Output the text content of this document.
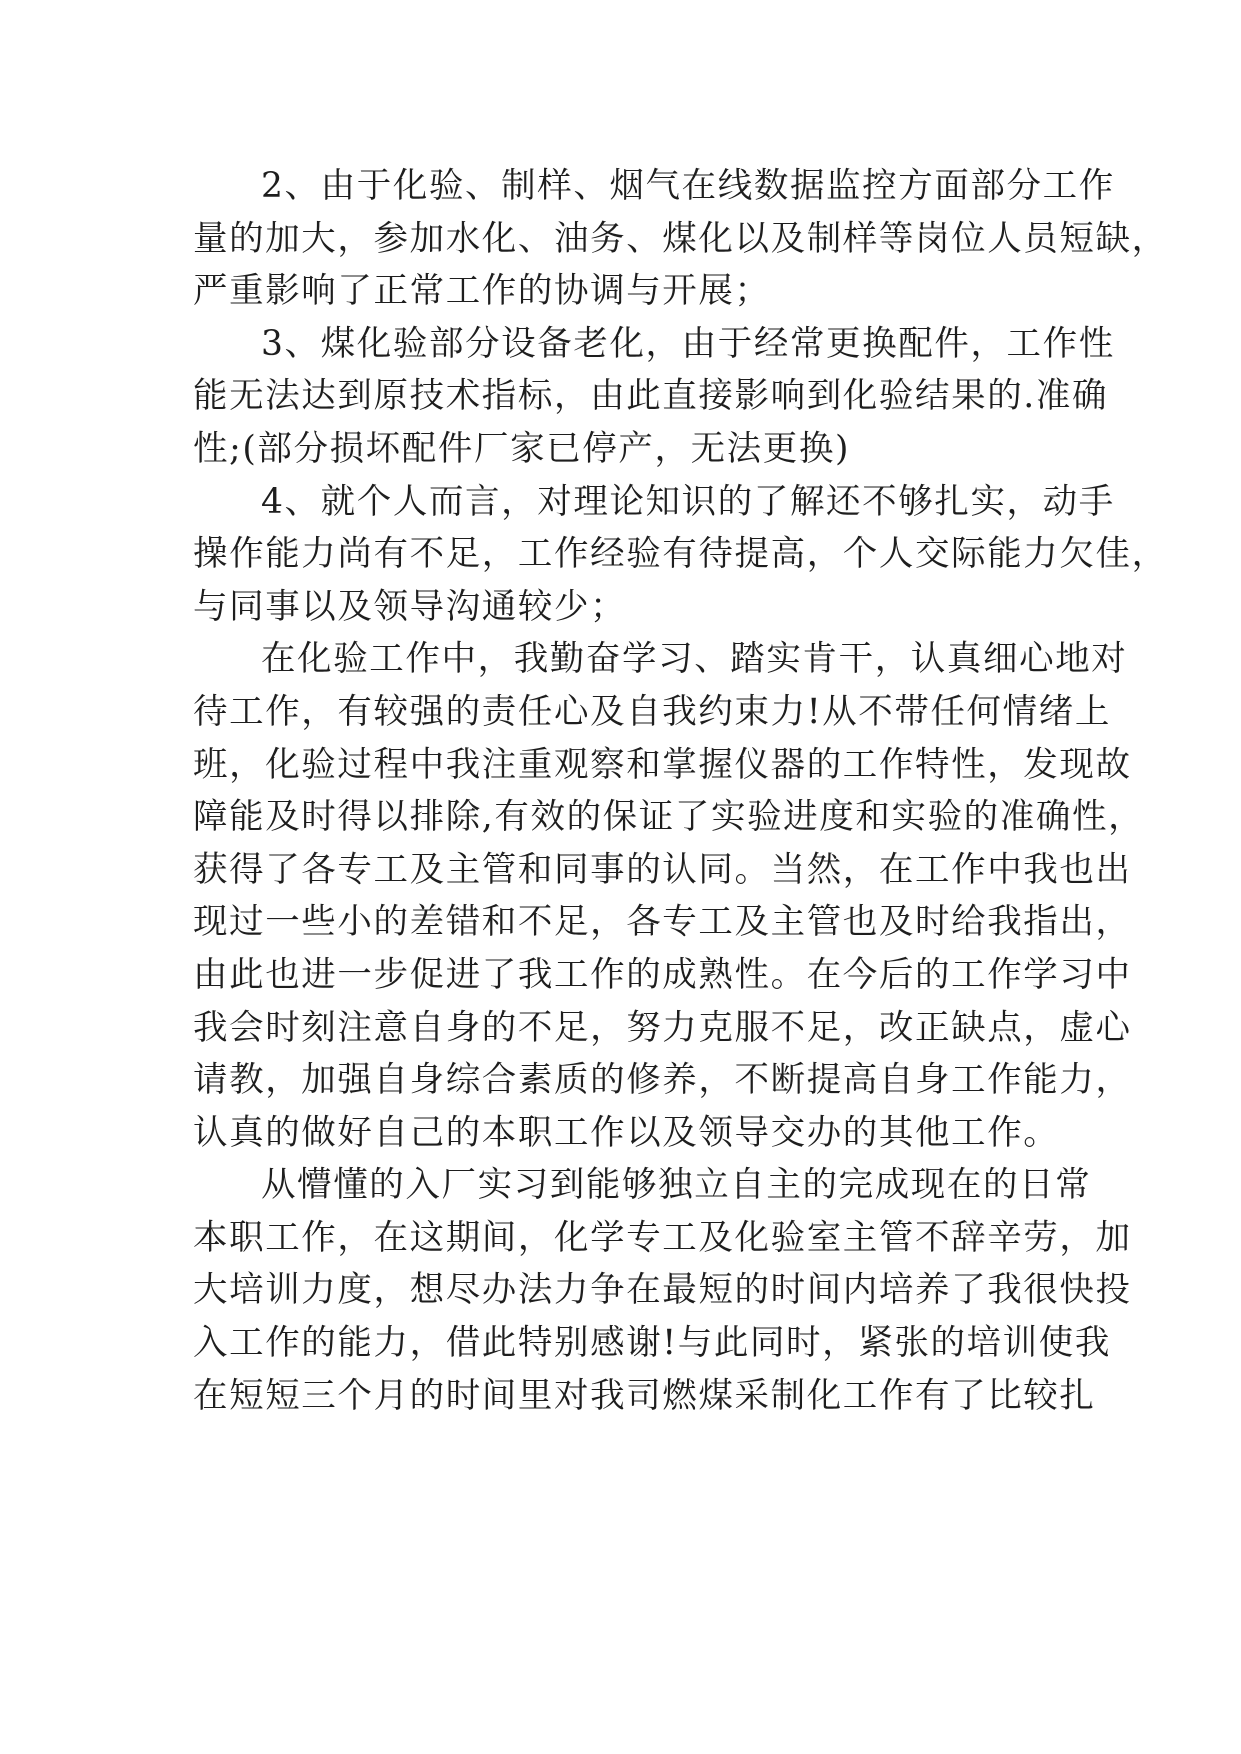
2、由于化验、制样、烟气在线数据监控方面部分工作
量的加大，参加水化、油务、煤化以及制样等岗位人员短缺，
严重影响了正常工作的协调与开展；

3、煤化验部分设备老化，由于经常更换配件，工作性
能无法达到原技术指标，由此直接影响到化验结果的.准确
性;(部分损坏配件厂家已停产，无法更换)

4、就个人而言，对理论知识的了解还不够扎实，动手
操作能力尚有不足，工作经验有待提高，个人交际能力欠佳，
与同事以及领导沟通较少；

在化验工作中，我勤奋学习、踏实肯干，认真细心地对
待工作，有较强的责任心及自我约束力!从不带任何情绪上
班，化验过程中我注重观察和掌握仪器的工作特性，发现故
障能及时得以排除,有效的保证了实验进度和实验的准确性，
获得了各专工及主管和同事的认同。当然，在工作中我也出
现过一些小的差错和不足，各专工及主管也及时给我指出，
由此也进一步促进了我工作的成熟性。在今后的工作学习中
我会时刻注意自身的不足，努力克服不足，改正缺点，虚心
请教，加强自身综合素质的修养，不断提高自身工作能力，
认真的做好自己的本职工作以及领导交办的其他工作。

从懵懂的入厂实习到能够独立自主的完成现在的日常
本职工作，在这期间，化学专工及化验室主管不辞辛劳，加
大培训力度，想尽办法力争在最短的时间内培养了我很快投
入工作的能力，借此特别感谢!与此同时，紧张的培训使我
在短短三个月的时间里对我司燃煤采制化工作有了比较扎
